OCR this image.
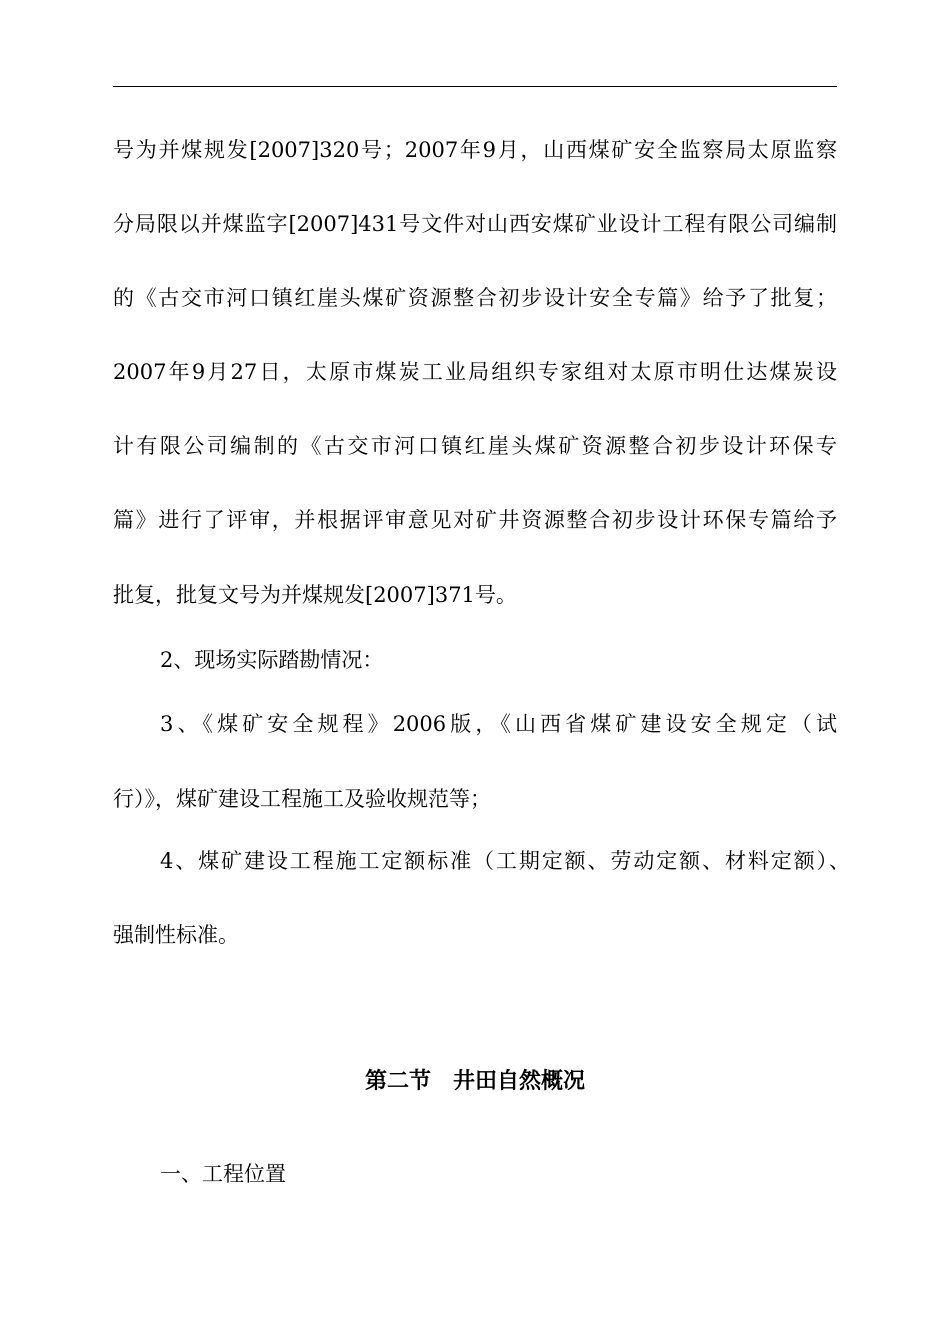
号为并煤规发[2007]320号；2007年9月，山西煤矿安全监察局太原监察
分局限以并煤监字[2007]431号文件对山西安煤矿业设计工程有限公司编制
的《古交市河口镇红崖头煤矿资源整合初步设计安全专篇》给予了批复；
2007年9月27日，太原市煤炭工业局组织专家组对太原市明仕达煤炭设
计有限公司编制的《古交市河口镇红崖头煤矿资源整合初步设计环保专
篇》进行了评审，并根据评审意见对矿井资源整合初步设计环保专篇给予
批复，批复文号为并煤规发[2007]371号。
2、现场实际踏勘情况：
3、《煤矿安全规程》2006版，《山西省煤矿建设安全规定（试
行）》，煤矿建设工程施工及验收规范等；
4、煤矿建设工程施工定额标准（工期定额、劳动定额、材料定额）、
强制性标准。
第二节　井田自然概况
一、工程位置
